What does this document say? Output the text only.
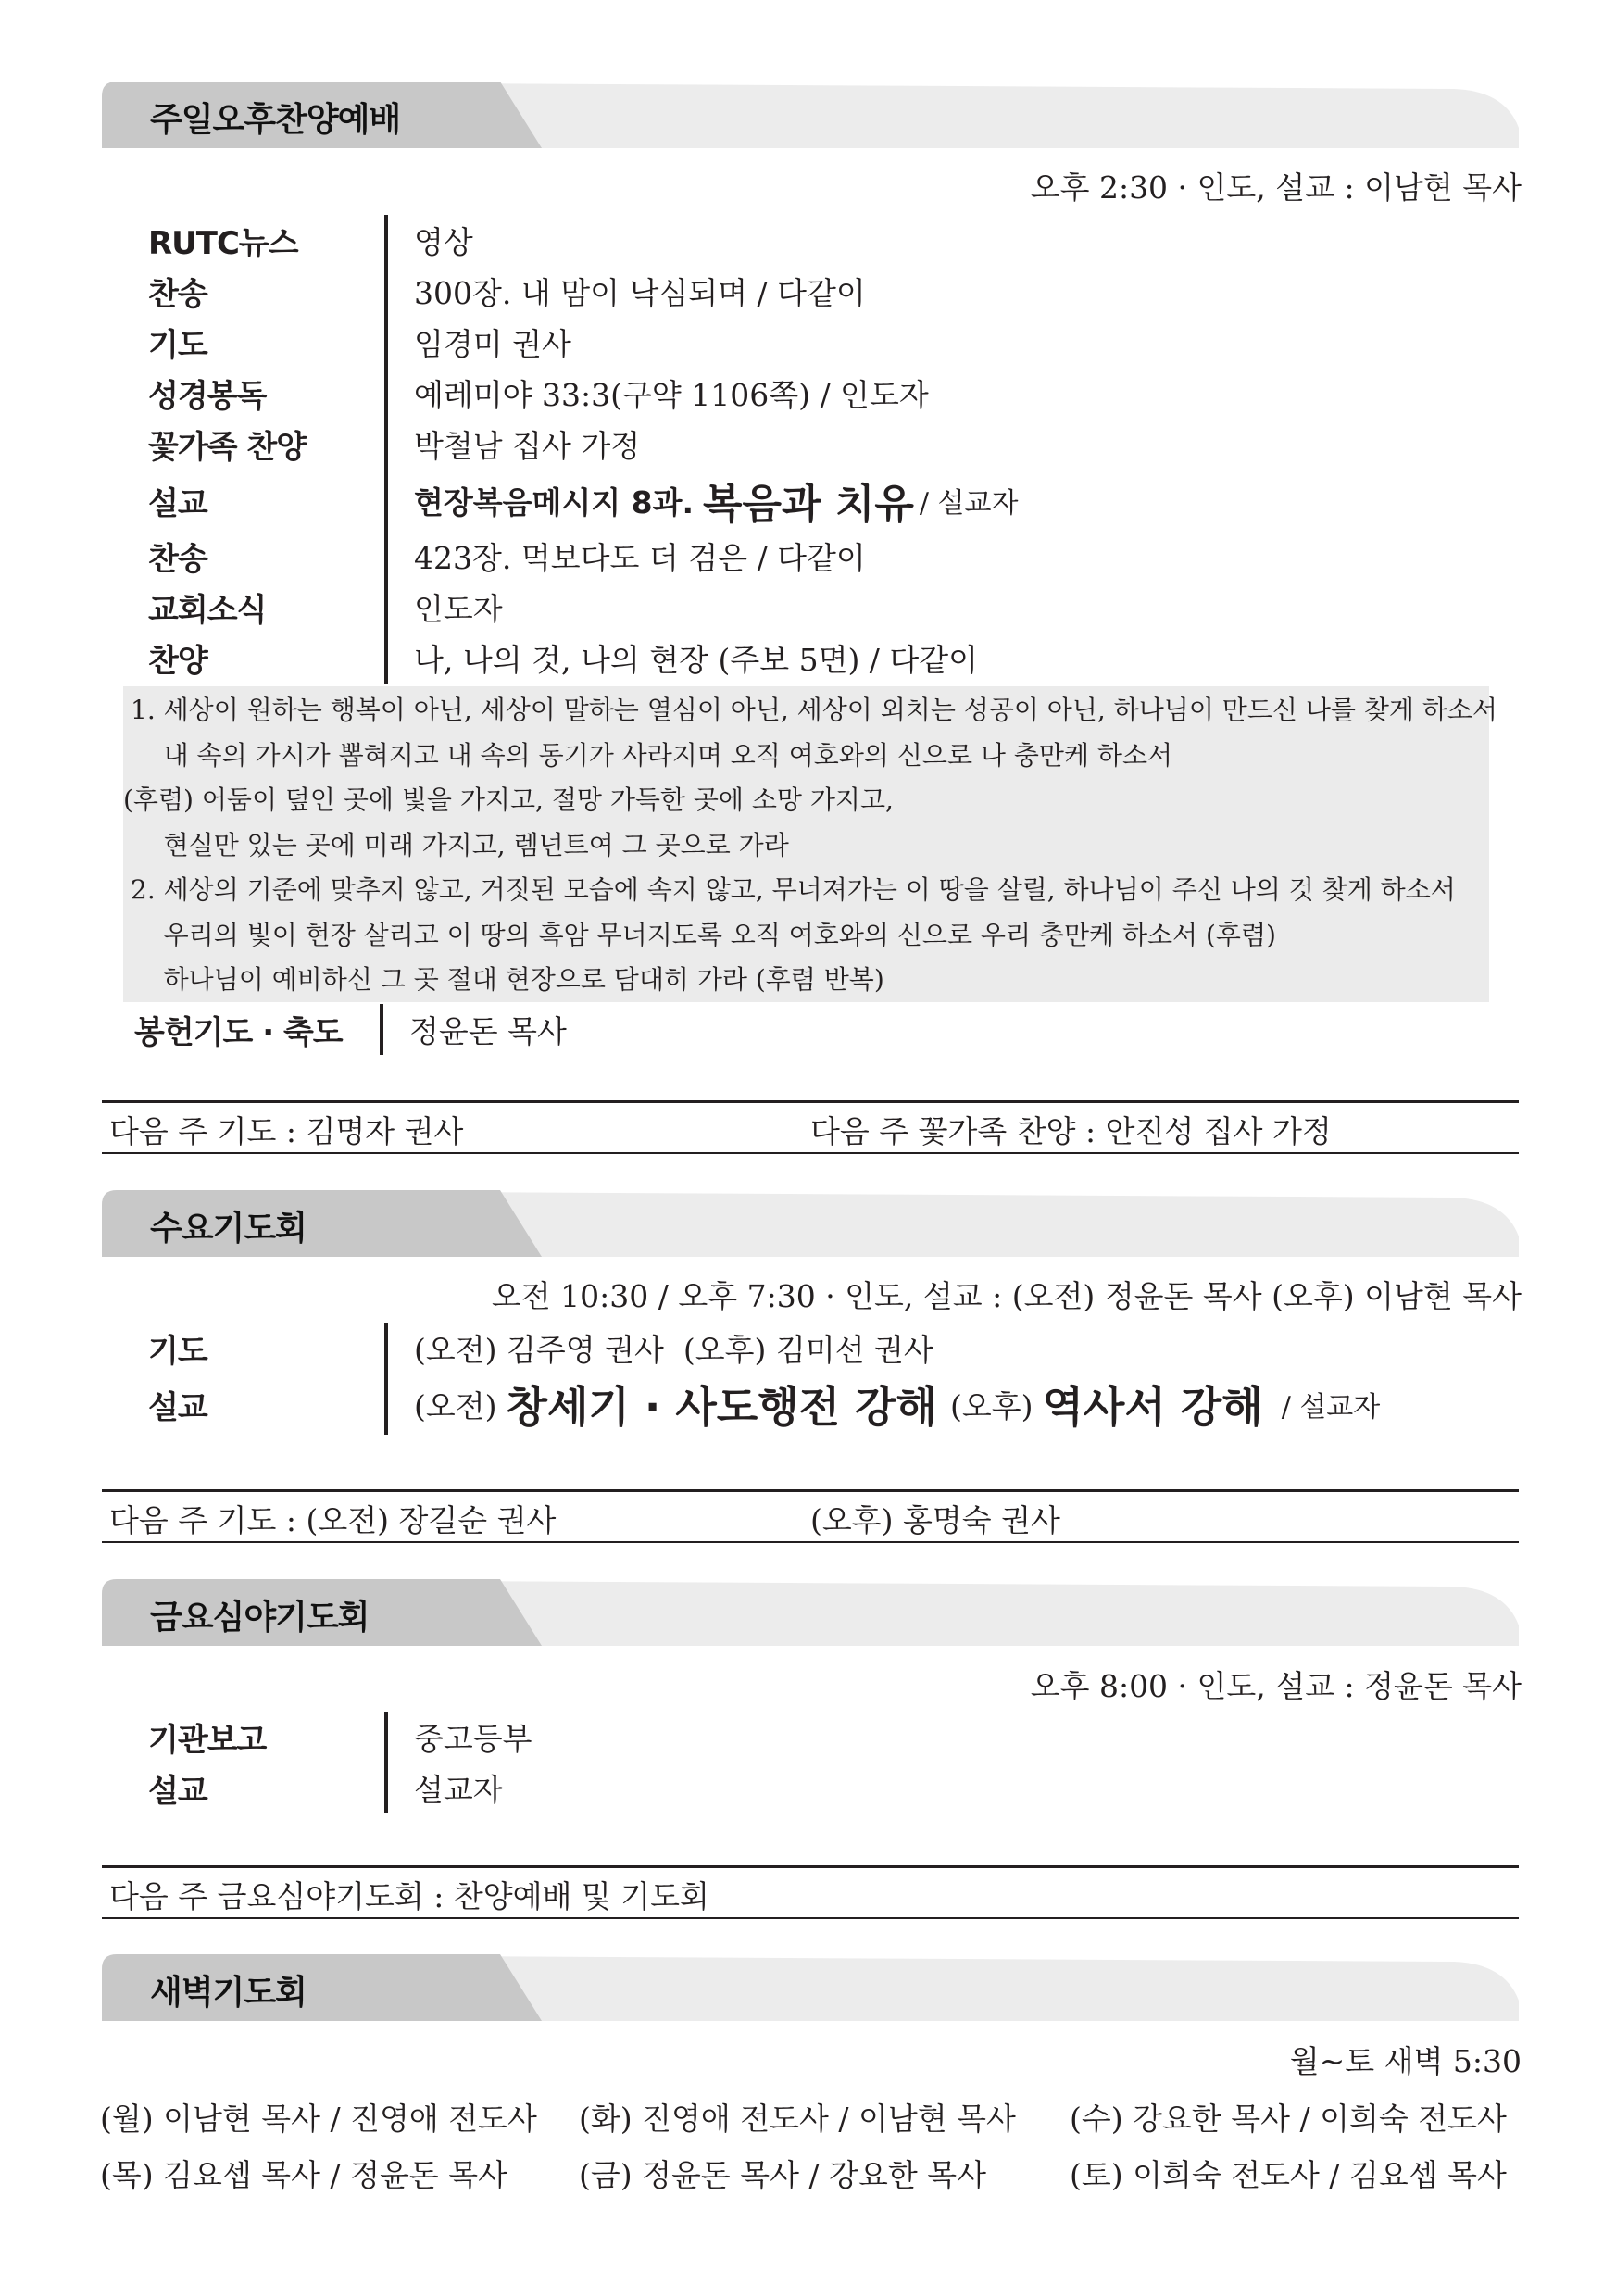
주일오후찬양예배
오후 2:30 · 인도, 설교 : 이남현 목사
RUTC뉴스	영상
찬송	300장. 내 맘이 낙심되며 / 다같이
기도	임경미 권사
성경봉독	예레미야 33:3(구약 1106쪽) / 인도자
꽃가족 찬양	박철남 집사 가정
설교	현장복음메시지 8과. 복음과 치유 / 설교자
찬송	423장. 먹보다도 더 검은 / 다같이
교회소식	인도자
찬양	나, 나의 것, 나의 현장 (주보 5면) / 다같이
1. 세상이 원하는 행복이 아닌, 세상이 말하는 열심이 아닌, 세상이 외치는 성공이 아닌, 하나님이 만드신 나를 찾게 하소서
내 속의 가시가 뽑혀지고 내 속의 동기가 사라지며 오직 여호와의 신으로 나 충만케 하소서
(후렴) 어둠이 덮인 곳에 빛을 가지고, 절망 가득한 곳에 소망 가지고,
현실만 있는 곳에 미래 가지고, 렘넌트여 그 곳으로 가라
2. 세상의 기준에 맞추지 않고, 거짓된 모습에 속지 않고, 무너져가는 이 땅을 살릴, 하나님이 주신 나의 것 찾게 하소서
우리의 빛이 현장 살리고 이 땅의 흑암 무너지도록 오직 여호와의 신으로 우리 충만케 하소서 (후렴)
하나님이 예비하신 그 곳 절대 현장으로 담대히 가라 (후렴 반복)
봉헌기도 · 축도	정윤돈 목사
다음 주 기도 : 김명자 권사	다음 주 꽃가족 찬양 : 안진성 집사 가정
수요기도회
오전 10:30 / 오후 7:30 · 인도, 설교 : (오전) 정윤돈 목사 (오후) 이남현 목사
기도	(오전) 김주영 권사  (오후) 김미선 권사
설교	(오전) 창세기 · 사도행전 강해 (오후) 역사서 강해 / 설교자
다음 주 기도 : (오전) 장길순 권사	(오후) 홍명숙 권사
금요심야기도회
오후 8:00 · 인도, 설교 : 정윤돈 목사
기관보고	중고등부
설교	설교자
다음 주 금요심야기도회 : 찬양예배 및 기도회
새벽기도회
월~토 새벽 5:30
(월) 이남현 목사 / 진영애 전도사 (화) 진영애 전도사 / 이남현 목사 (수) 강요한 목사 / 이희숙 전도사
(목) 김요셉 목사 / 정윤돈 목사 (금) 정윤돈 목사 / 강요한 목사	(토) 이희숙 전도사 / 김요셉 목사
